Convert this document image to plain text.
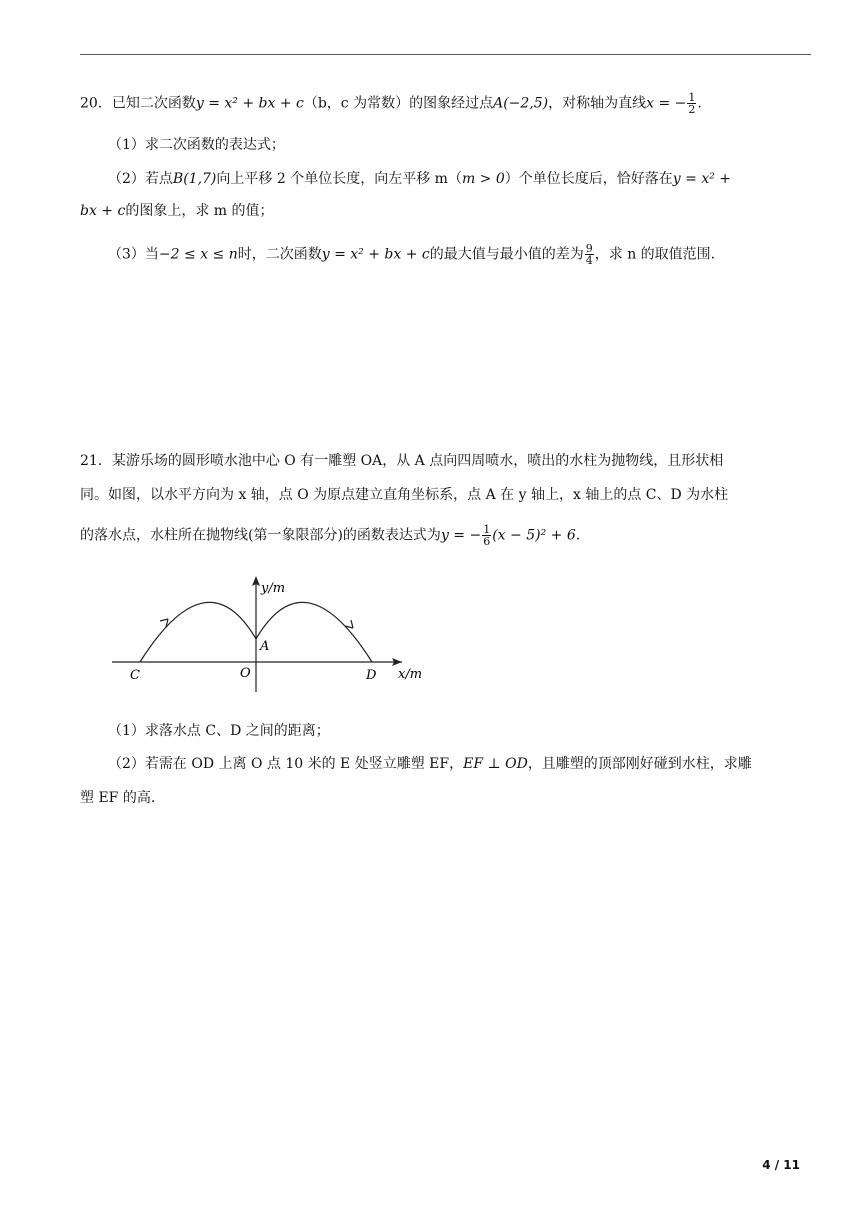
20．已知二次函数y = x² + bx + c（b，c 为常数）的图象经过点A(−2,5)，对称轴为直线x = − $\frac{1}{2}$ .
（1）求二次函数的表达式；
（2）若点B(1,7)向上平移 2 个单位长度，向左平移 m（m > 0）个单位长度后，恰好落在y = x² +
bx + c的图象上，求 m 的值；
（3）当−2 ≤ x ≤ n时，二次函数y = x² + bx + c的最大值与最小值的差为 $\frac{9}{4}$ ，求 n 的取值范围.
21．某游乐场的圆形喷水池中心 O 有一雕塑 OA，从 A 点向四周喷水，喷出的水柱为抛物线，且形状相
同。如图，以水平方向为 x 轴，点 O 为原点建立直角坐标系，点 A 在 y 轴上，x 轴上的点 C、D 为水柱
的落水点，水柱所在抛物线(第一象限部分)的函数表达式为y = − $\frac{1}{6} (x - 5)^2 + 6$.
y/m
x/m
C	O
A
D
（1）求落水点 C、D 之间的距离；
（2）若需在 OD 上离 O 点 10 米的 E 处竖立雕塑 EF，EF ⊥ OD，且雕塑的顶部刚好碰到水柱，求雕
塑 EF 的高.
4 / 11
